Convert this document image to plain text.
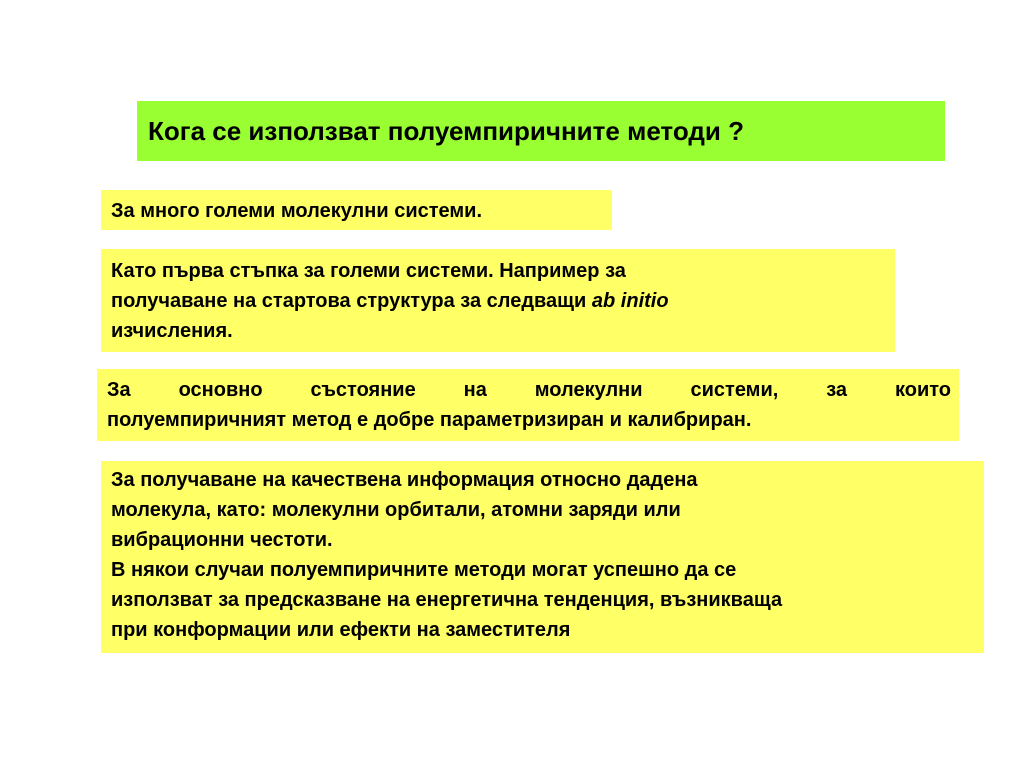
Кога се използват полуемпиричните методи ?
За много големи молекулни системи.
Като първа стъпка за големи системи. Например за
получаване на стартова структура за следващи ab initio
изчисления.
За основно състояние на молекулни системи, за които
полуемпиричният метод е добре параметризиран и калибриран.
За получаване на качествена информация относно дадена
молекула, като: молекулни орбитали, атомни заряди или
вибрационни честоти.
В някои случаи полуемпиричните методи могат успешно да се
използват за предсказване на енергетична тенденция, възникваща
при конформации или ефекти на заместителя
